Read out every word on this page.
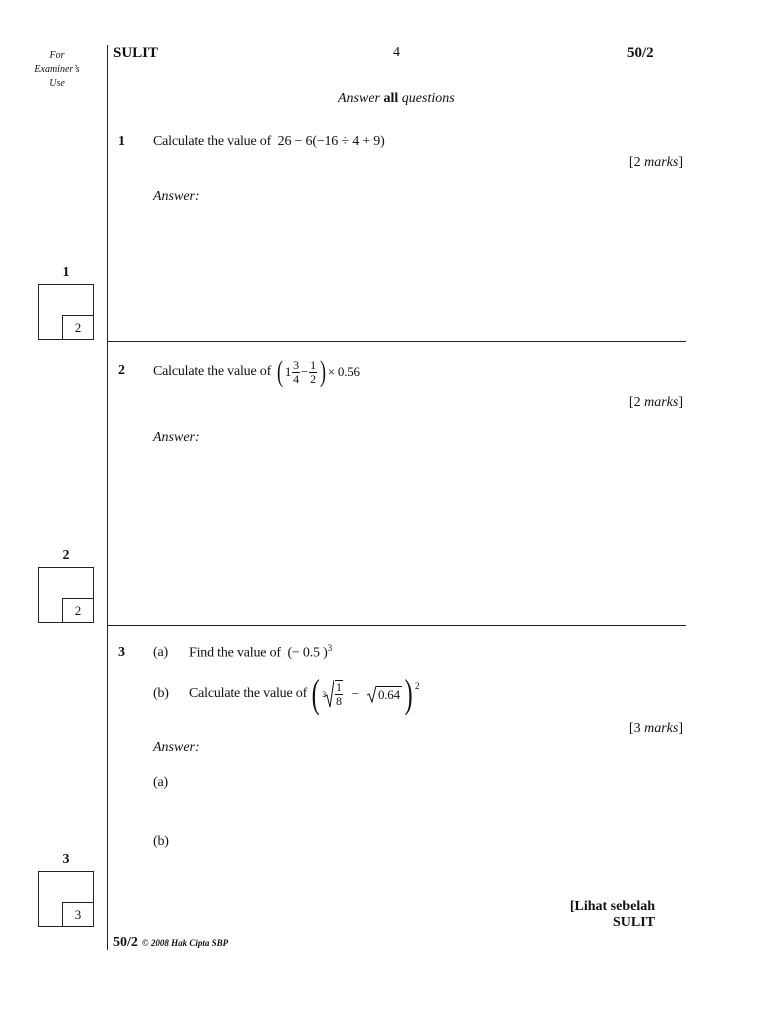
For
Examiner’s
Use
SULIT	4	50/2
Answer all questions
1 Calculate the value of 26 − 6(−16 ÷ 4 + 9)
[2 marks]
Answer:
1
2
2 Calculate the value of ( $1 \frac{3}{4} - \frac{1}{2}$ ) × 0.56
[2 marks]
Answer:
2
2
3 (a) Find the value of (− 0.5 )$^3$
(b) Calculate the value of ( $3 \frac{1}{8} - 0.64$ ) $^2$
[3 marks]
Answer:
(a)
(b)
3
3
[Lihat sebelah
SULIT
50/2 © 2008 Hak Cipta SBP
